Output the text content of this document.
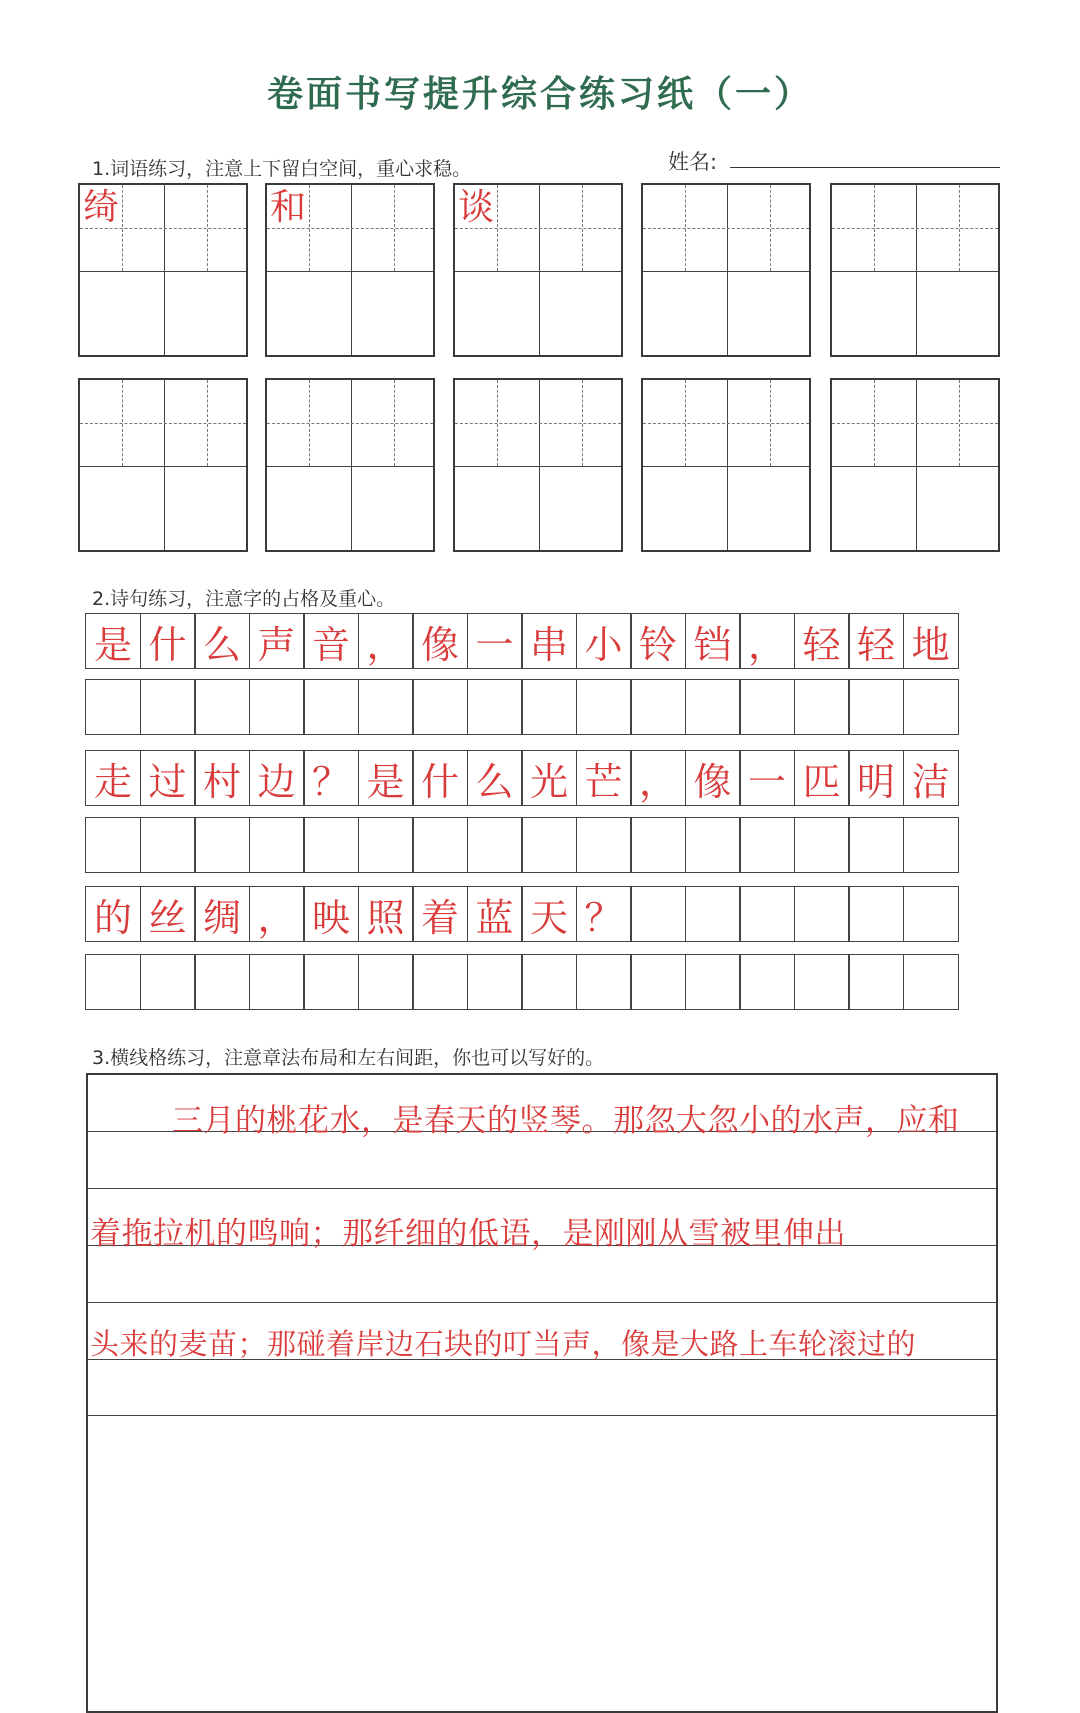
卷面书写提升综合练习纸（一）
1.词语练习，注意上下留白空间，重心求稳。	姓名:
绮	和	谈
2.诗句练习，注意字的占格及重心。
是 什 么 声 音 ， 像 一 串 小 铃 铛 ， 轻 轻 地
走 过 村 边 ？ 是 什 么 光 芒 ， 像 一 匹 明 洁
的 丝 绸 ， 映 照 着 蓝 天 ？
3.横线格练习，注意章法布局和左右间距，你也可以写好的。
三月的桃花水，是春天的竖琴。那忽大忽小的水声，应和
着拖拉机的鸣响；那纤细的低语，是刚刚从雪被里伸出
头来的麦苗；那碰着岸边石块的叮当声，像是大路上车轮滚过的
